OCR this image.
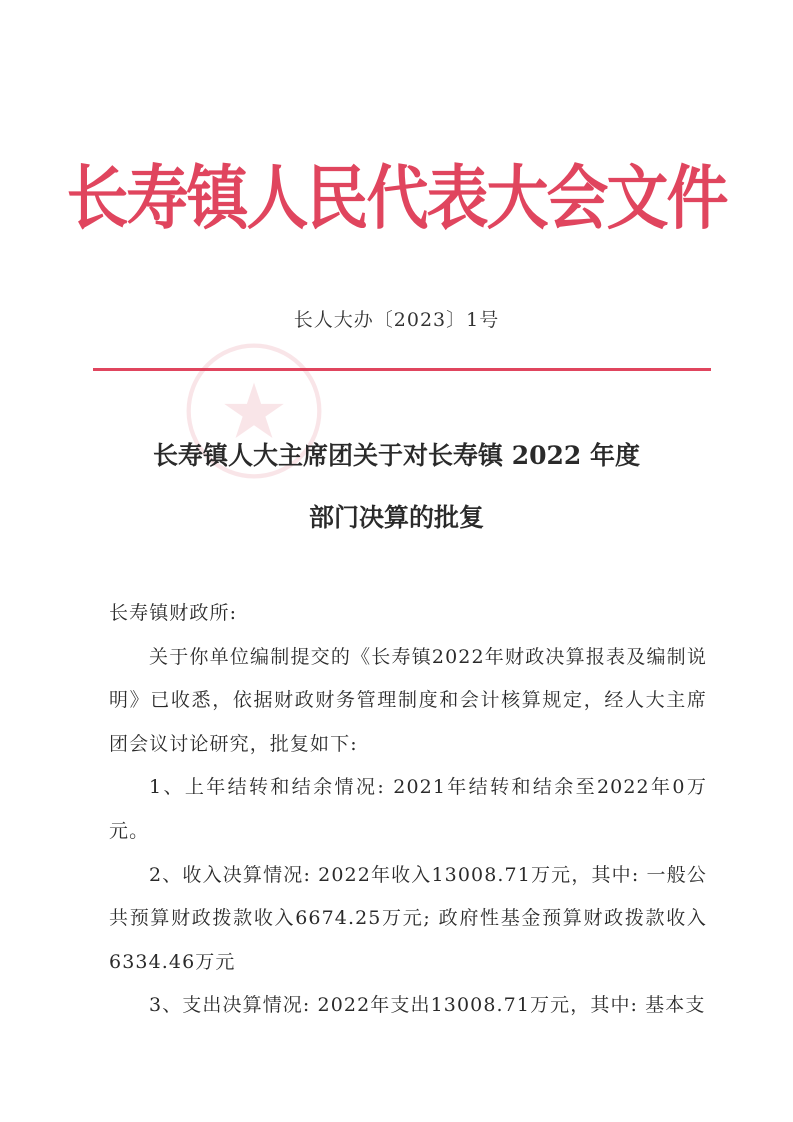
长寿镇人民代表大会文件
长人大办〔2023〕1号
长寿镇人大主席团关于对长寿镇 2022 年度
部门决算的批复

长寿镇财政所:

关于你单位编制提交的《长寿镇2022年财政决算报表及编制说明》已收悉，依据财政财务管理制度和会计核算规定，经人大主席团会议讨论研究，批复如下:

1、上年结转和结余情况: 2021年结转和结余至2022年0万元。

2、收入决算情况: 2022年收入13008.71万元，其中: 一般公共预算财政拨款收入6674.25万元; 政府性基金预算财政拨款收入6334.46万元

3、支出决算情况: 2022年支出13008.71万元，其中: 基本支
